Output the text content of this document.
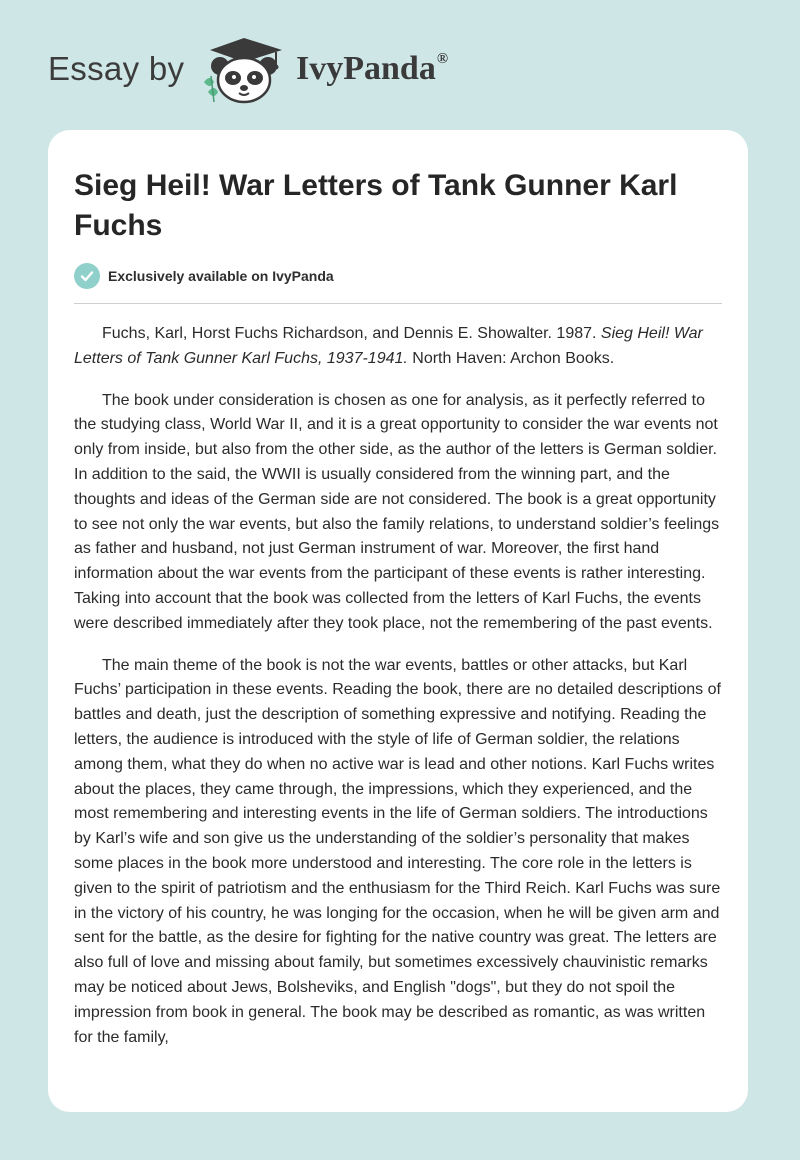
Essay by	IvyPanda®
Sieg Heil! War Letters of Tank Gunner Karl Fuchs
Exclusively available on IvyPanda

Fuchs, Karl, Horst Fuchs Richardson, and Dennis E. Showalter. 1987. Sieg Heil! War Letters of Tank Gunner Karl Fuchs, 1937-1941. North Haven: Archon Books.

The book under consideration is chosen as one for analysis, as it perfectly referred to the studying class, World War II, and it is a great opportunity to consider the war events not only from inside, but also from the other side, as the author of the letters is German soldier. In addition to the said, the WWII is usually considered from the winning part, and the thoughts and ideas of the German side are not considered. The book is a great opportunity to see not only the war events, but also the family relations, to understand soldier’s feelings as father and husband, not just German instrument of war. Moreover, the first hand information about the war events from the participant of these events is rather interesting. Taking into account that the book was collected from the letters of Karl Fuchs, the events were described immediately after they took place, not the remembering of the past events.

The main theme of the book is not the war events, battles or other attacks, but Karl Fuchs’ participation in these events. Reading the book, there are no detailed descriptions of battles and death, just the description of something expressive and notifying. Reading the letters, the audience is introduced with the style of life of German soldier, the relations among them, what they do when no active war is lead and other notions. Karl Fuchs writes about the places, they came through, the impressions, which they experienced, and the most remembering and interesting events in the life of German soldiers. The introductions by Karl’s wife and son give us the understanding of the soldier’s personality that makes some places in the book more understood and interesting. The core role in the letters is given to the spirit of patriotism and the enthusiasm for the Third Reich. Karl Fuchs was sure in the victory of his country, he was longing for the occasion, when he will be given arm and sent for the battle, as the desire for fighting for the native country was great. The letters are also full of love and missing about family, but sometimes excessively chauvinistic remarks may be noticed about Jews, Bolsheviks, and English "dogs", but they do not spoil the impression from book in general. The book may be described as romantic, as was written for the family,
